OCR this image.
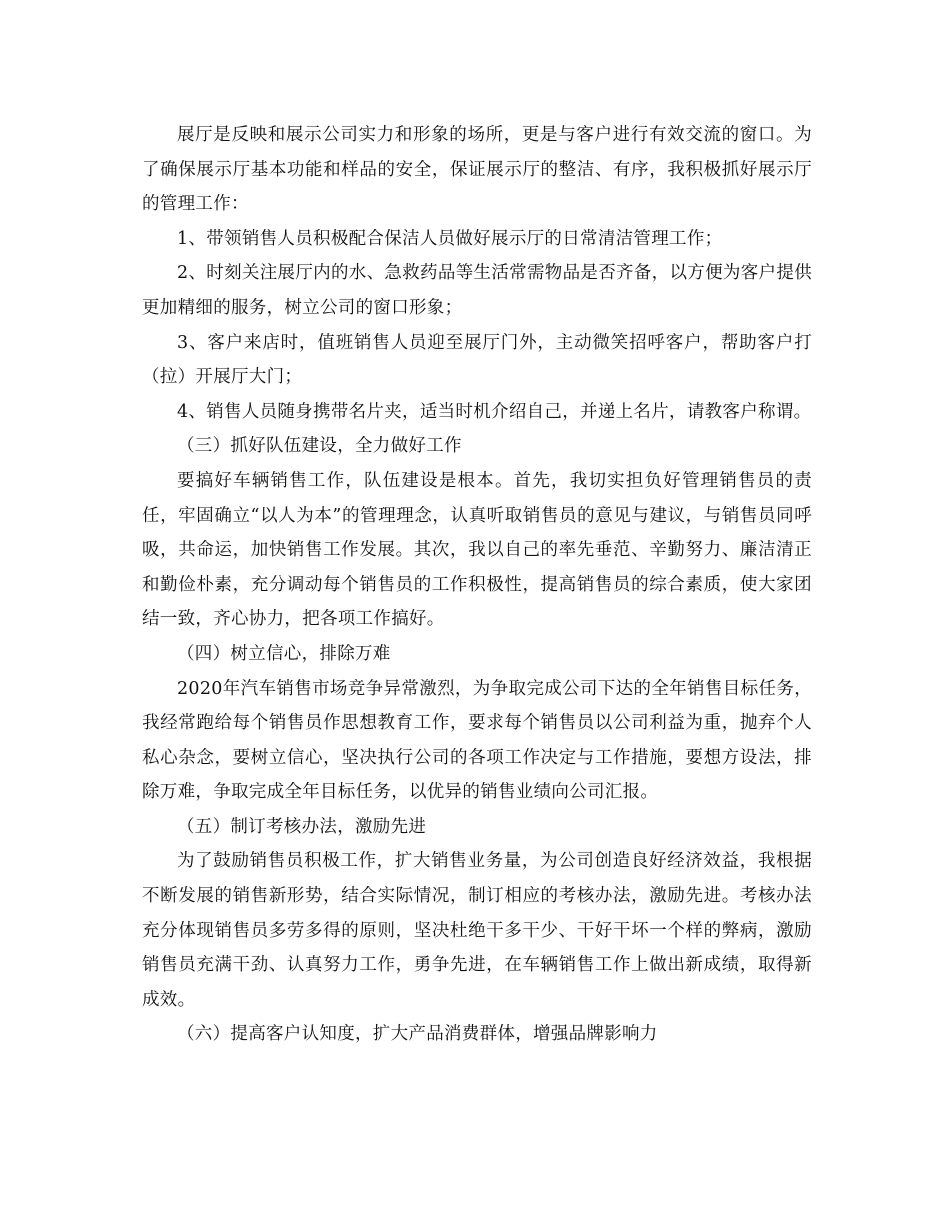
展厅是反映和展示公司实力和形象的场所，更是与客户进行有效交流的窗口。为了确保展示厅基本功能和样品的安全，保证展示厅的整洁、有序，我积极抓好展示厅的管理工作：

1、带领销售人员积极配合保洁人员做好展示厅的日常清洁管理工作；

2、时刻关注展厅内的水、急救药品等生活常需物品是否齐备，以方便为客户提供更加精细的服务，树立公司的窗口形象；

3、客户来店时，值班销售人员迎至展厅门外，主动微笑招呼客户，帮助客户打（拉）开展厅大门；

4、销售人员随身携带名片夹，适当时机介绍自己，并递上名片，请教客户称谓。

（三）抓好队伍建设，全力做好工作

要搞好车辆销售工作，队伍建设是根本。首先，我切实担负好管理销售员的责任，牢固确立“以人为本”的管理理念，认真听取销售员的意见与建议，与销售员同呼吸，共命运，加快销售工作发展。其次，我以自己的率先垂范、辛勤努力、廉洁清正和勤俭朴素，充分调动每个销售员的工作积极性，提高销售员的综合素质，使大家团结一致，齐心协力，把各项工作搞好。

（四）树立信心，排除万难

2020年汽车销售市场竞争异常激烈，为争取完成公司下达的全年销售目标任务，我经常跑给每个销售员作思想教育工作，要求每个销售员以公司利益为重，抛弃个人私心杂念，要树立信心，坚决执行公司的各项工作决定与工作措施，要想方设法，排除万难，争取完成全年目标任务，以优异的销售业绩向公司汇报。

（五）制订考核办法，激励先进

为了鼓励销售员积极工作，扩大销售业务量，为公司创造良好经济效益，我根据不断发展的销售新形势，结合实际情况，制订相应的考核办法，激励先进。考核办法充分体现销售员多劳多得的原则，坚决杜绝干多干少、干好干坏一个样的弊病，激励销售员充满干劲、认真努力工作，勇争先进，在车辆销售工作上做出新成绩，取得新成效。

（六）提高客户认知度，扩大产品消费群体，增强品牌影响力
